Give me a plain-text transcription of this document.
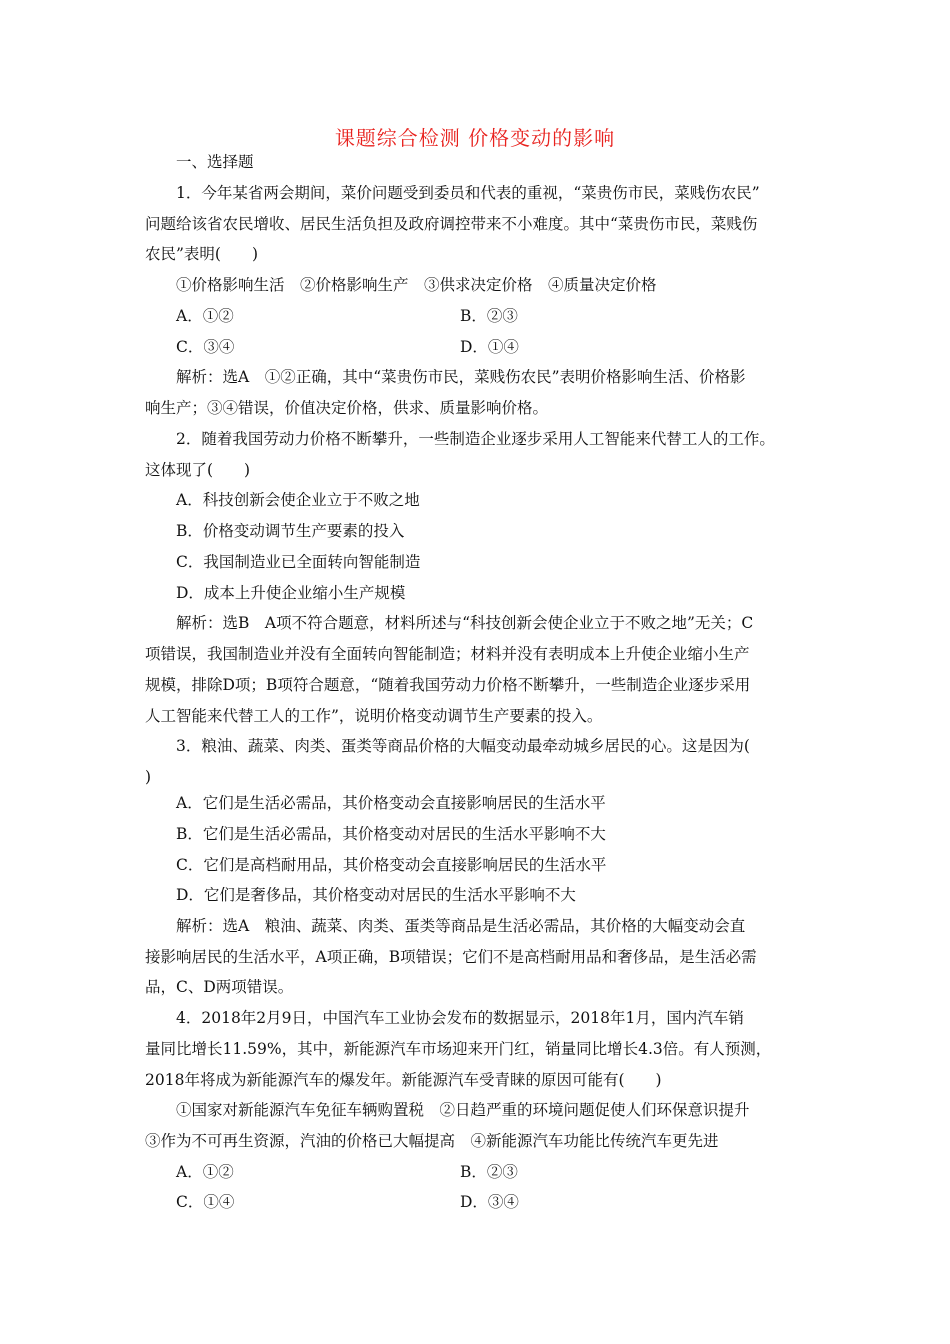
课题综合检测 价格变动的影响
一、选择题
1．今年某省两会期间，菜价问题受到委员和代表的重视，“菜贵伤市民，菜贱伤农民”
问题给该省农民增收、居民生活负担及政府调控带来不小难度。其中“菜贵伤市民，菜贱伤
农民”表明(　　)
①价格影响生活　②价格影响生产　③供求决定价格　④质量决定价格
A．①②	B．②③
C．③④	D．①④
解析：选A　①②正确，其中“菜贵伤市民，菜贱伤农民”表明价格影响生活、价格影
响生产；③④错误，价值决定价格，供求、质量影响价格。
2．随着我国劳动力价格不断攀升，一些制造企业逐步采用人工智能来代替工人的工作。
这体现了(　　)
A．科技创新会使企业立于不败之地
B．价格变动调节生产要素的投入
C．我国制造业已全面转向智能制造
D．成本上升使企业缩小生产规模
解析：选B　A项不符合题意，材料所述与“科技创新会使企业立于不败之地”无关；C
项错误，我国制造业并没有全面转向智能制造；材料并没有表明成本上升使企业缩小生产
规模，排除D项；B项符合题意，“随着我国劳动力价格不断攀升，一些制造企业逐步采用
人工智能来代替工人的工作”，说明价格变动调节生产要素的投入。
3．粮油、蔬菜、肉类、蛋类等商品价格的大幅变动最牵动城乡居民的心。这是因为(
)
A．它们是生活必需品，其价格变动会直接影响居民的生活水平
B．它们是生活必需品，其价格变动对居民的生活水平影响不大
C．它们是高档耐用品，其价格变动会直接影响居民的生活水平
D．它们是奢侈品，其价格变动对居民的生活水平影响不大
解析：选A　粮油、蔬菜、肉类、蛋类等商品是生活必需品，其价格的大幅变动会直
接影响居民的生活水平，A项正确，B项错误；它们不是高档耐用品和奢侈品，是生活必需
品，C、D两项错误。
4．2018年2月9日，中国汽车工业协会发布的数据显示，2018年1月，国内汽车销
量同比增长11.59%，其中，新能源汽车市场迎来开门红，销量同比增长4.3倍。有人预测，
2018年将成为新能源汽车的爆发年。新能源汽车受青睐的原因可能有(　　)
①国家对新能源汽车免征车辆购置税　②日趋严重的环境问题促使人们环保意识提升
③作为不可再生资源，汽油的价格已大幅提高　④新能源汽车功能比传统汽车更先进
A．①②	B．②③
C．①④	D．③④
